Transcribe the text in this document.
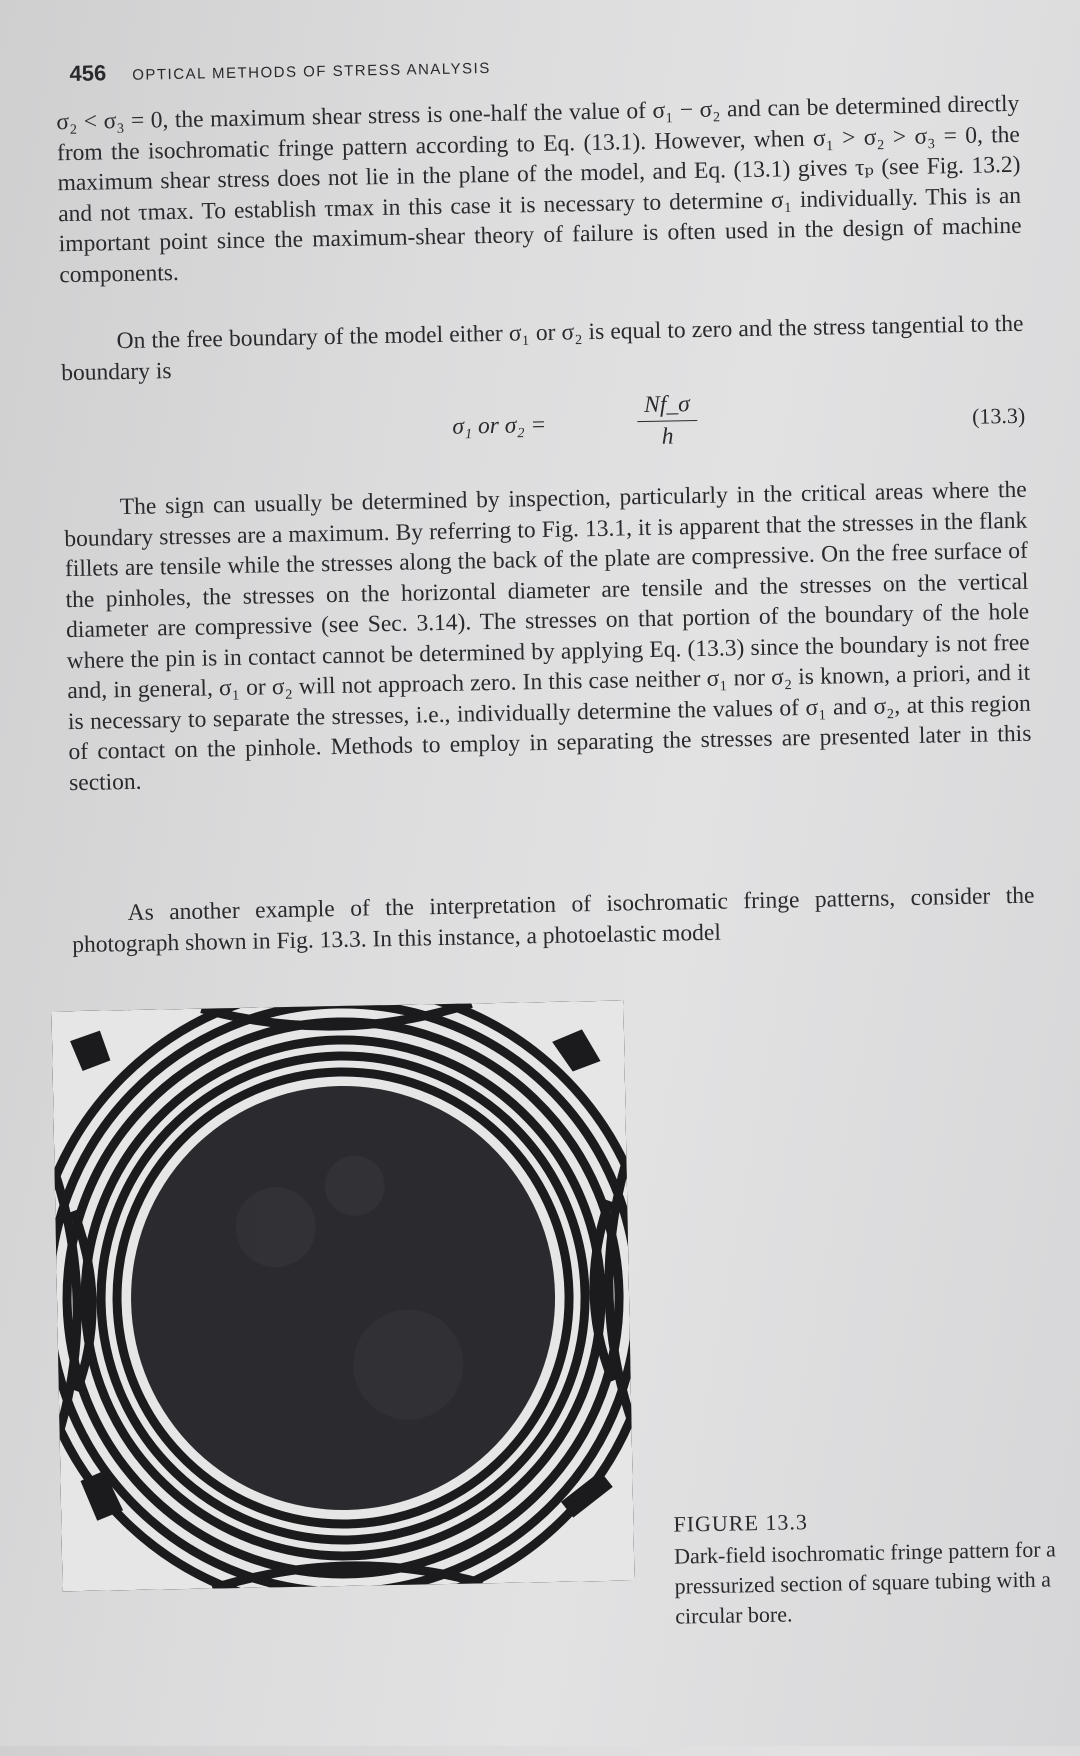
456 OPTICAL METHODS OF STRESS ANALYSIS

σ₂ < σ₃ = 0, the maximum shear stress is one-half the value of σ₁ − σ₂ and can be determined directly from the isochromatic fringe pattern according to Eq. (13.1). However, when σ₁ > σ₂ > σ₃ = 0, the maximum shear stress does not lie in the plane of the model, and Eq. (13.1) gives τₚ (see Fig. 13.2) and not τmax. To establish τmax in this case it is necessary to determine σ₁ individually. This is an important point since the maximum-shear theory of failure is often used in the design of machine components.

On the free boundary of the model either σ₁ or σ₂ is equal to zero and the stress tangential to the boundary is

σ₁ or σ₂ =	$\frac{Nf\_\sigma}{h}$	(13.3)

The sign can usually be determined by inspection, particularly in the critical areas where the boundary stresses are a maximum. By referring to Fig. 13.1, it is apparent that the stresses in the flank fillets are tensile while the stresses along the back of the plate are compressive. On the free surface of the pinholes, the stresses on the horizontal diameter are tensile and the stresses on the vertical diameter are compressive (see Sec. 3.14). The stresses on that portion of the boundary of the hole where the pin is in contact cannot be determined by applying Eq. (13.3) since the boundary is not free and, in general, σ₁ or σ₂ will not approach zero. In this case neither σ₁ nor σ₂ is known, a priori, and it is necessary to separate the stresses, i.e., individually determine the values of σ₁ and σ₂, at this region of contact on the pinhole. Methods to employ in separating the stresses are presented later in this section.

As another example of the interpretation of isochromatic fringe patterns, consider the photograph shown in Fig. 13.3. In this instance, a photoelastic model

FIGURE 13.3
Dark-field isochromatic fringe pattern for a pressurized section of square tubing with a circular bore.
